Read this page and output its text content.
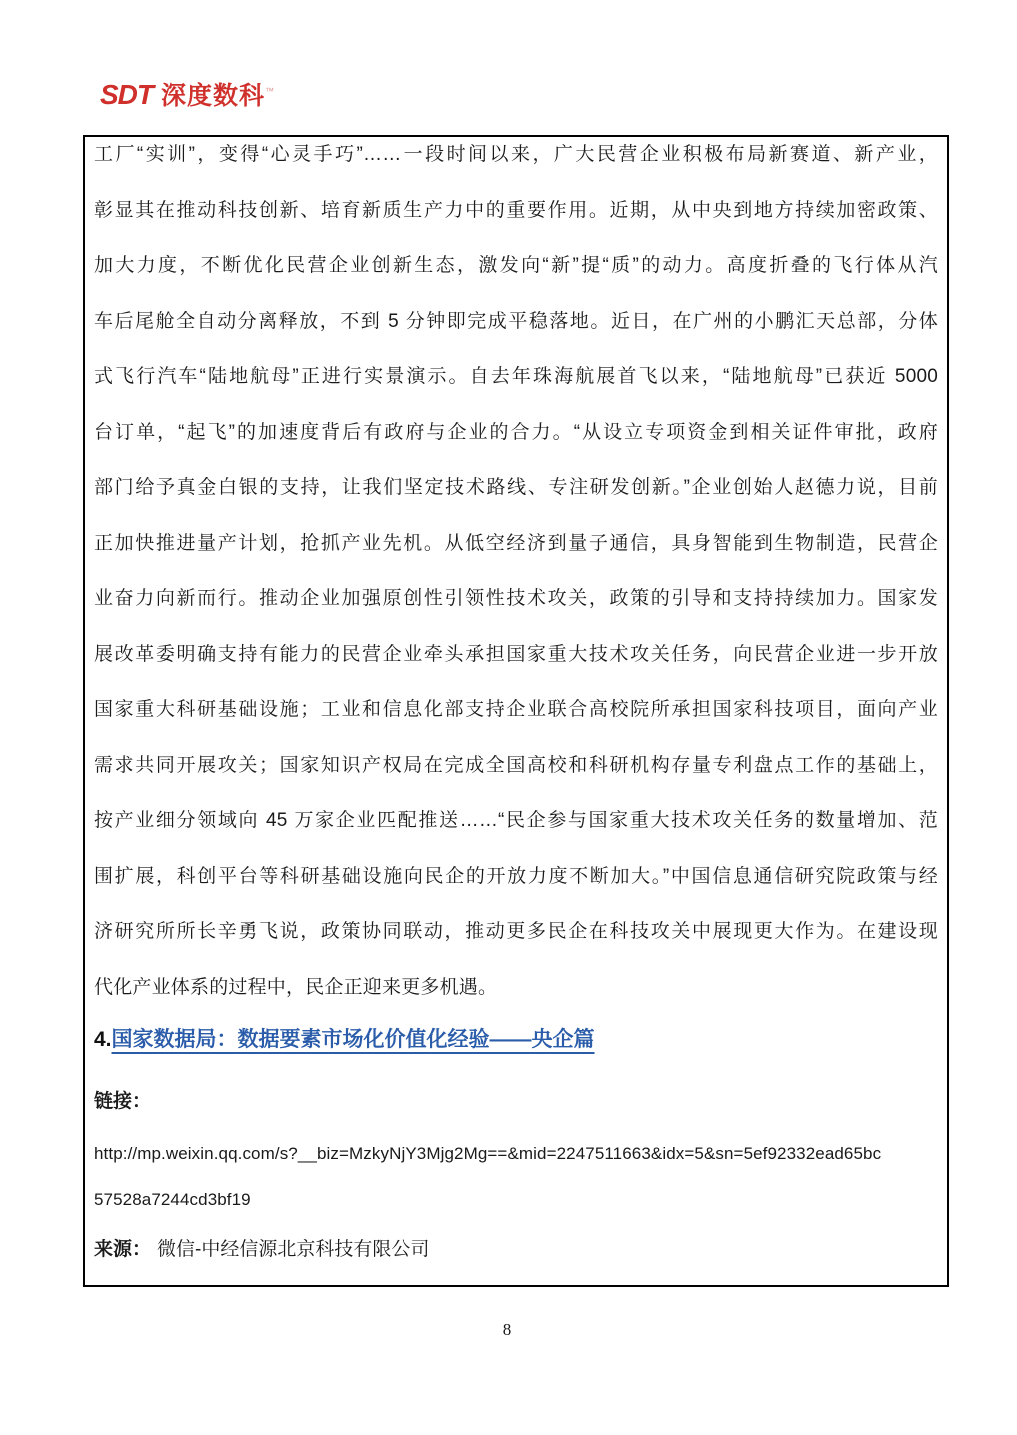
SDT 深度数科™
工厂“实训”，变得“心灵手巧”……一段时间以来，广大民营企业积极布局新赛道、新产业，
彰显其在推动科技创新、培育新质生产力中的重要作用。近期，从中央到地方持续加密政策、
加大力度，不断优化民营企业创新生态，激发向“新”提“质”的动力。高度折叠的飞行体从汽
车后尾舱全自动分离释放，不到 5 分钟即完成平稳落地。近日，在广州的小鹏汇天总部，分体
式飞行汽车“陆地航母”正进行实景演示。自去年珠海航展首飞以来，“陆地航母”已获近 5000
台订单，“起飞”的加速度背后有政府与企业的合力。“从设立专项资金到相关证件审批，政府
部门给予真金白银的支持，让我们坚定技术路线、专注研发创新。”企业创始人赵德力说，目前
正加快推进量产计划，抢抓产业先机。从低空经济到量子通信，具身智能到生物制造，民营企
业奋力向新而行。推动企业加强原创性引领性技术攻关，政策的引导和支持持续加力。国家发
展改革委明确支持有能力的民营企业牵头承担国家重大技术攻关任务，向民营企业进一步开放
国家重大科研基础设施；工业和信息化部支持企业联合高校院所承担国家科技项目，面向产业
需求共同开展攻关；国家知识产权局在完成全国高校和科研机构存量专利盘点工作的基础上，
按产业细分领域向 45 万家企业匹配推送……“民企参与国家重大技术攻关任务的数量增加、范
围扩展，科创平台等科研基础设施向民企的开放力度不断加大。”中国信息通信研究院政策与经
济研究所所长辛勇飞说，政策协同联动，推动更多民企在科技攻关中展现更大作为。在建设现
代化产业体系的过程中，民企正迎来更多机遇。
4.国家数据局：数据要素市场化价值化经验——央企篇
链接：
http://mp.weixin.qq.com/s?__biz=MzkyNjY3Mjg2Mg==&mid=2247511663&idx=5&sn=5ef92332ead65bc
57528a7244cd3bf19
来源： 微信-中经信源北京科技有限公司
8
